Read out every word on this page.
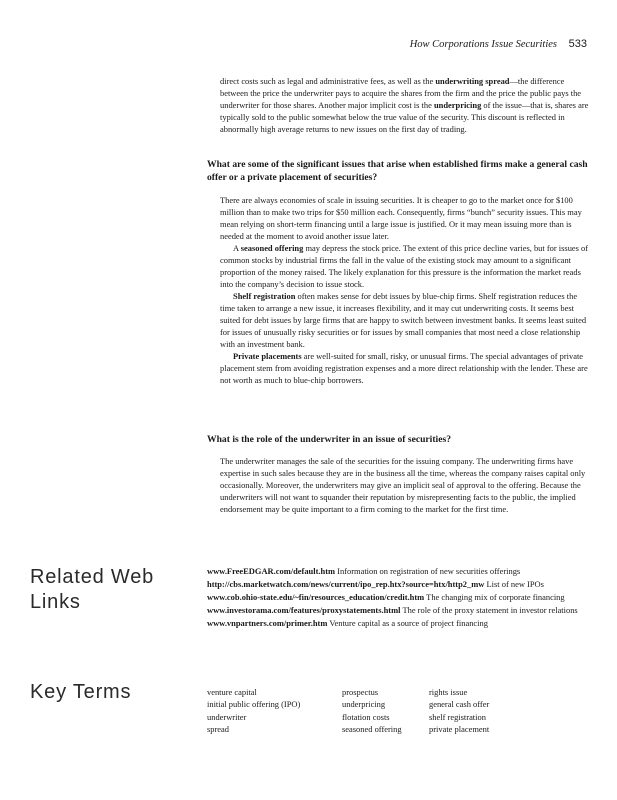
How Corporations Issue Securities 533

direct costs such as legal and administrative fees, as well as the underwriting spread—the difference between the price the underwriter pays to acquire the shares from the firm and the price the public pays the underwriter for those shares. Another major implicit cost is the underpricing of the issue—that is, shares are typically sold to the public somewhat below the true value of the security. This discount is reflected in abnormally high average returns to new issues on the first day of trading.

What are some of the significant issues that arise when established firms make a general cash offer or a private placement of securities?

There are always economies of scale in issuing securities. It is cheaper to go to the market once for $100 million than to make two trips for $50 million each. Consequently, firms “bunch” security issues. This may mean relying on short-term financing until a large issue is justified. Or it may mean issuing more than is needed at the moment to avoid another issue later.

A seasoned offering may depress the stock price. The extent of this price decline varies, but for issues of common stocks by industrial firms the fall in the value of the existing stock may amount to a significant proportion of the money raised. The likely explanation for this pressure is the information the market reads into the company’s decision to issue stock.

Shelf registration often makes sense for debt issues by blue-chip firms. Shelf registration reduces the time taken to arrange a new issue, it increases flexibility, and it may cut underwriting costs. It seems best suited for debt issues by large firms that are happy to switch between investment banks. It seems least suited for issues of unusually risky securities or for issues by small companies that most need a close relationship with an investment bank.

Private placements are well-suited for small, risky, or unusual firms. The special advantages of private placement stem from avoiding registration expenses and a more direct relationship with the lender. These are not worth as much to blue-chip borrowers.

What is the role of the underwriter in an issue of securities?

The underwriter manages the sale of the securities for the issuing company. The underwriting firms have expertise in such sales because they are in the business all the time, whereas the company raises capital only occasionally. Moreover, the underwriters may give an implicit seal of approval to the offering. Because the underwriters will not want to squander their reputation by misrepresenting facts to the public, the implied endorsement may be quite important to a firm coming to the market for the first time.

Related Web
Links
www.FreeEDGAR.com/default.htm Information on registration of new securities offerings
http://cbs.marketwatch.com/news/current/ipo_rep.htx?source=htx/http2_mw List of new IPOs
www.cob.ohio-state.edu/~fin/resources_education/credit.htm The changing mix of corporate financing
www.investorama.com/features/proxystatements.html The role of the proxy statement in investor relations
www.vnpartners.com/primer.htm Venture capital as a source of project financing
Key Terms	venture capital	prospectus	rights issue
initial public offering (IPO)	underpricing	general cash offer
underwriter	flotation costs	shelf registration
spread	seasoned offering	private placement
